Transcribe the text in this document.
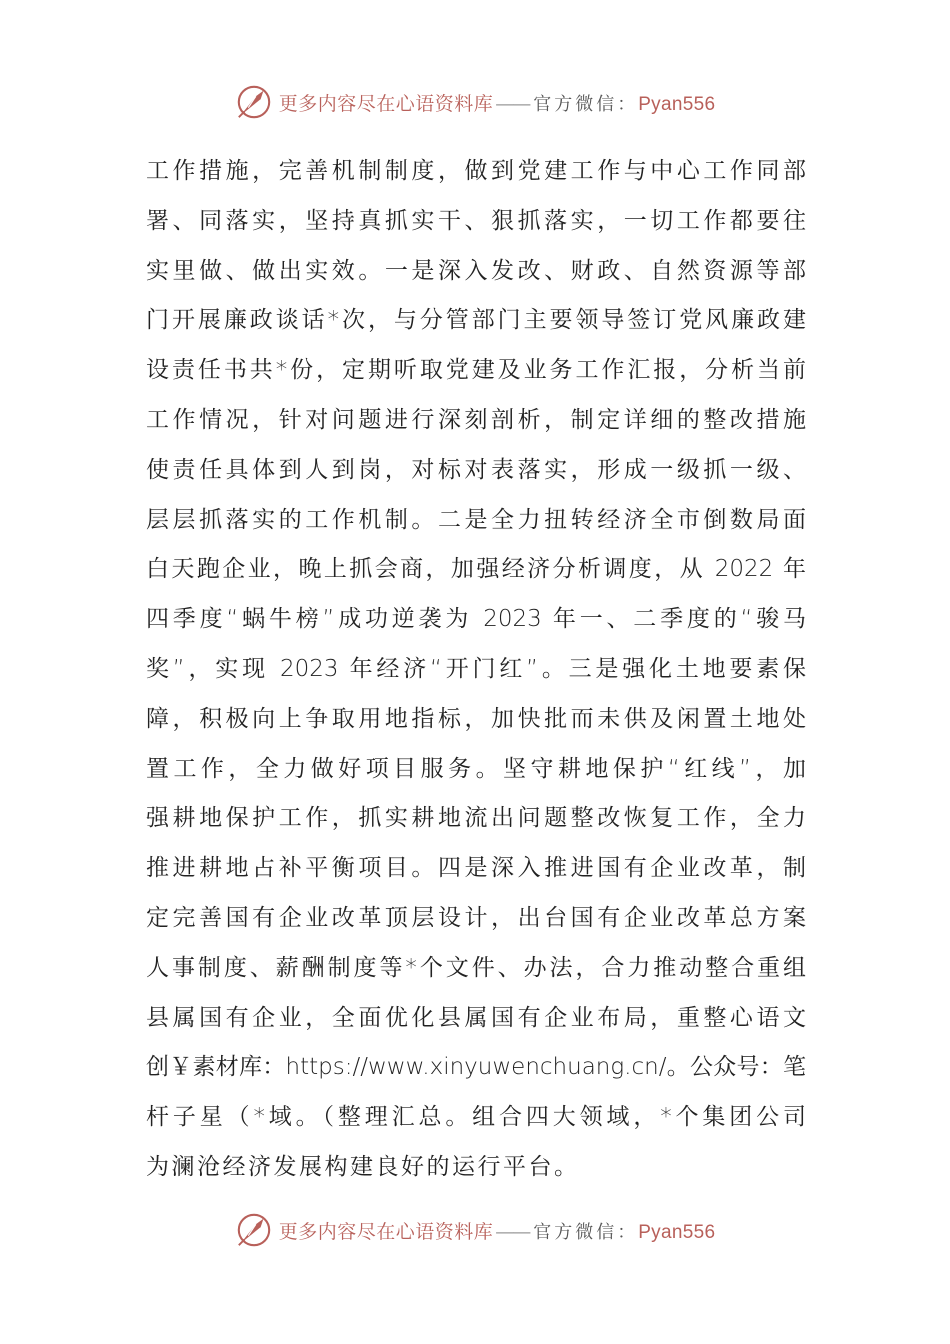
更多内容尽在心语资料库 —— 官方微信：Pyan556
工作措施，完善机制制度，做到党建工作与中心工作同部
署、同落实，坚持真抓实干、狠抓落实，一切工作都要往
实里做、做出实效。一是深入发改、财政、自然资源等部
门开展廉政谈话*次，与分管部门主要领导签订党风廉政建
设责任书共*份，定期听取党建及业务工作汇报，分析当前
工作情况，针对问题进行深刻剖析，制定详细的整改措施
使责任具体到人到岗，对标对表落实，形成一级抓一级、
层层抓落实的工作机制。二是全力扭转经济全市倒数局面
白天跑企业，晚上抓会商，加强经济分析调度，从 2022 年
四季度“蜗牛榜”成功逆袭为 2023 年一、二季度的“骏马
奖”，实现 2023 年经济“开门红”。三是强化土地要素保
障，积极向上争取用地指标，加快批而未供及闲置土地处
置工作，全力做好项目服务。坚守耕地保护“红线”，加
强耕地保护工作，抓实耕地流出问题整改恢复工作，全力
推进耕地占补平衡项目。四是深入推进国有企业改革，制
定完善国有企业改革顶层设计，出台国有企业改革总方案
人事制度、薪酬制度等*个文件、办法，合力推动整合重组
县属国有企业，全面优化县属国有企业布局，重整心语文
创￥素材库：https://www.xinyuwenchuang.cn/。公众号：笔
杆子星（*域。（整理汇总。组合四大领域，*个集团公司
为澜沧经济发展构建良好的运行平台。
更多内容尽在心语资料库 —— 官方微信：Pyan556
